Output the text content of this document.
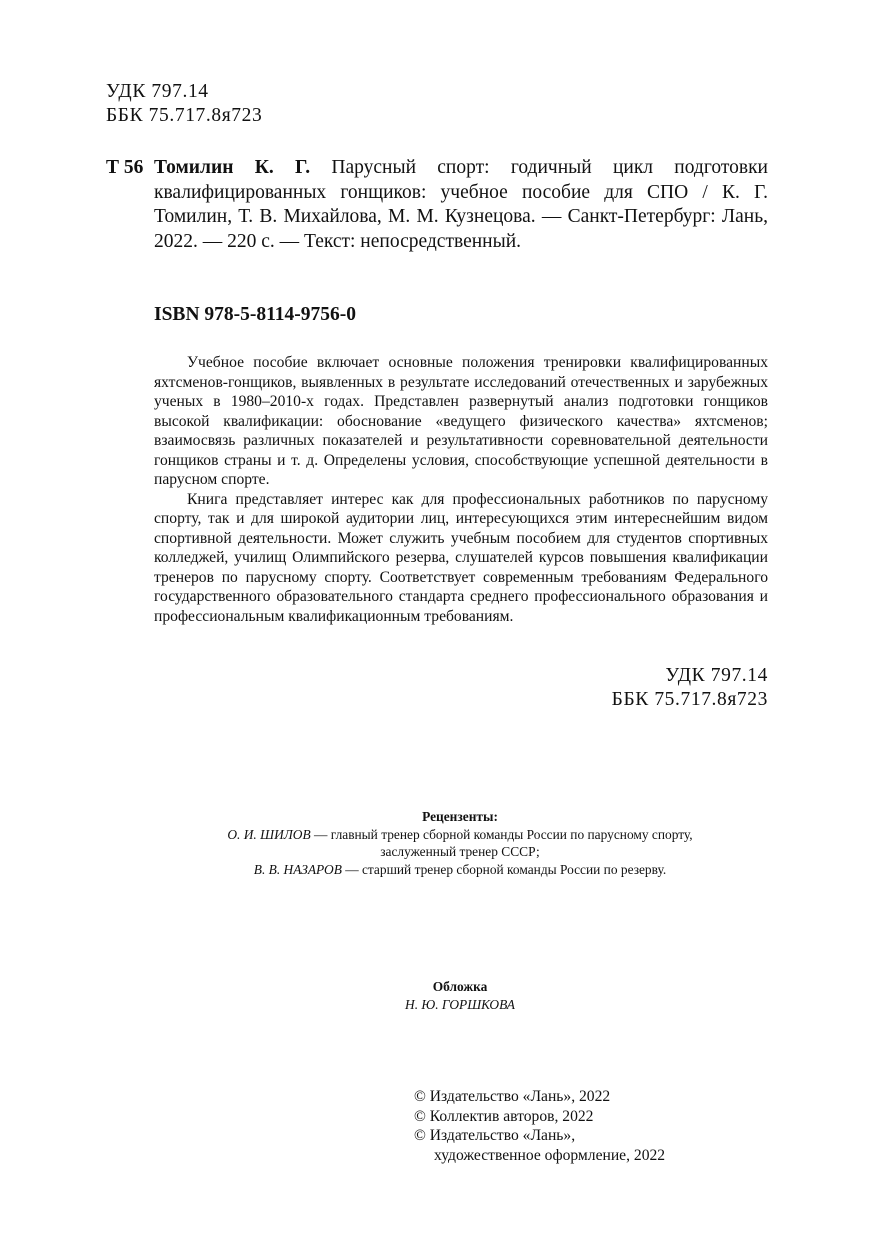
УДК 797.14
ББК 75.717.8я723
Т 56 Томилин К. Г. Парусный спорт: годичный цикл подготовки квалифицированных гонщиков: учебное пособие для СПО / К. Г. Томилин, Т. В. Михайлова, М. М. Кузнецова. — Санкт-Петербург: Лань, 2022. — 220 с. — Текст: непосредственный.
ISBN 978-5-8114-9756-0

Учебное пособие включает основные положения тренировки квалифицированных яхтсменов-гонщиков, выявленных в результате исследований отечественных и зарубежных ученых в 1980–2010-х годах. Представлен развернутый анализ подготовки гонщиков высокой квалификации: обоснование «ведущего физического качества» яхтсменов; взаимосвязь различных показателей и результативности соревновательной деятельности гонщиков страны и т. д. Определены условия, способствующие успешной деятельности в парусном спорте.

Книга представляет интерес как для профессиональных работников по парусному спорту, так и для широкой аудитории лиц, интересующихся этим интереснейшим видом спортивной деятельности. Может служить учебным пособием для студентов спортивных колледжей, училищ Олимпийского резерва, слушателей курсов повышения квалификации тренеров по парусному спорту. Соответствует современным требованиям Федерального государственного образовательного стандарта среднего профессионального образования и профессиональным квалификационным требованиям.

УДК 797.14
ББК 75.717.8я723
Рецензенты:
О. И. ШИЛОВ — главный тренер сборной команды России по парусному спорту,
заслуженный тренер СССР;
В. В. НАЗАРОВ — старший тренер сборной команды России по резерву.
Обложка
Н. Ю. ГОРШКОВА
© Издательство «Лань», 2022
© Коллектив авторов, 2022
© Издательство «Лань»,
художественное оформление, 2022
